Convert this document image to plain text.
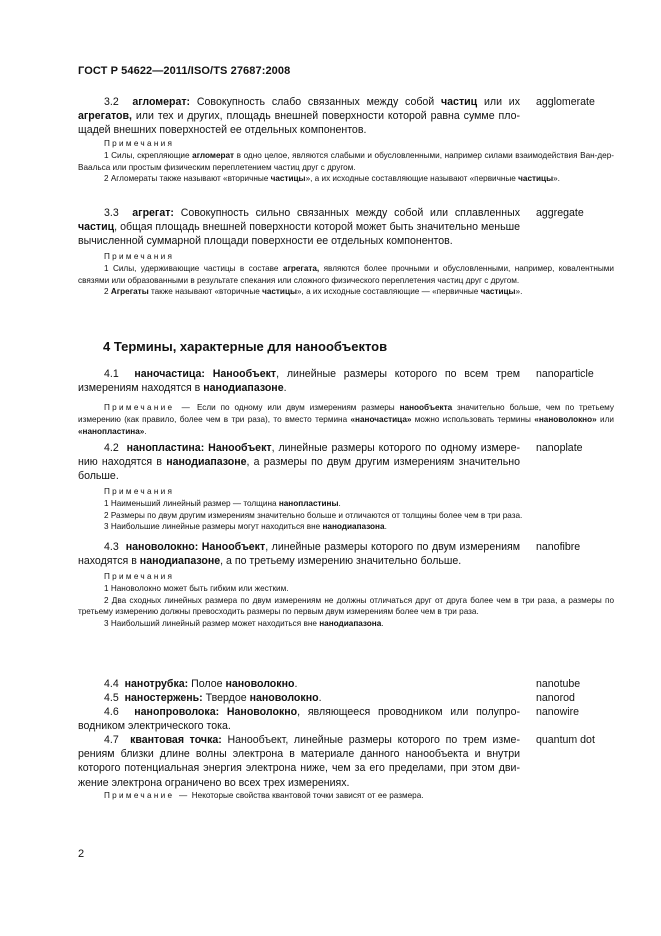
ГОСТ Р 54622—2011/ISO/TS 27687:2008

3.2 агломерат: Совокупность слабо связанных между собой частиц или их агрегатов, или тех и других, площадь внешней поверхности которой равна сумме площадей внешних поверхностей ее отдельных компонентов.

agglomerate
Примечания
1 Силы, скрепляющие агломерат в одно целое, являются слабыми и обусловленными, например силами взаимодействия Ван-дер-Ваальса или простым физическим переплетением частиц друг с другом.
2 Агломераты также называют «вторичные частицы», а их исходные составляющие называют «первичные частицы».

3.3 агрегат: Совокупность сильно связанных между собой или сплавленных частиц, общая площадь внешней поверхности которой может быть значительно меньше вычисленной суммарной площади поверхности ее отдельных компонентов.

aggregate
Примечания
1 Силы, удерживающие частицы в составе агрегата, являются более прочными и обусловленными, например, ковалентными связями или образованными в результате спекания или сложного физического переплетения частиц друг с другом.
2 Агрегаты также называют «вторичные частицы», а их исходные составляющие — «первичные частицы».
4 Термины, характерные для нанообъектов

4.1 наночастица: Нанообъект, линейные размеры которого по всем трем измерениям находятся в нанодиапазоне.

nanoparticle
Примечание — Если по одному или двум измерениям размеры нанообъекта значительно больше, чем по третьему измерению (как правило, более чем в три раза), то вместо термина «наночастица» можно использовать термины «нановолокно» или «нанопластина».

4.2 нанопластина: Нанообъект, линейные размеры которого по одному измерению находятся в нанодиапазоне, а размеры по двум другим измерениям значительно больше.

nanoplate
Примечания
1 Наименьший линейный размер — толщина нанопластины.
2 Размеры по двум другим измерениям значительно больше и отличаются от толщины более чем в три раза.
3 Наибольшие линейные размеры могут находиться вне нанодиапазона.

4.3 нановолокно: Нанообъект, линейные размеры которого по двум измерениям находятся в нанодиапазоне, а по третьему измерению значительно больше.

nanofibre
Примечания
1 Нановолокно может быть гибким или жестким.
2 Два сходных линейных размера по двум измерениям не должны отличаться друг от друга более чем в три раза, а размеры по третьему измерению должны превосходить размеры по первым двум измерениям более чем в три раза.
3 Наибольший линейный размер может находиться вне нанодиапазона.

4.4 нанотрубка: Полое нановолокно.	nanotube

4.5 наностержень: Твердое нановолокно.	nanorod

4.6 нанопроволока: Нановолокно, являющееся проводником или полупроводником электрического тока.

nanowire

4.7 квантовая точка: Нанообъект, линейные размеры которого по трем измерениям близки длине волны электрона в материале данного нанообъекта и внутри которого потенциальная энергия электрона ниже, чем за его пределами, при этом движение электрона ограничено во всех трех измерениях.

quantum dot
Примечание — Некоторые свойства квантовой точки зависят от ее размера.
2
